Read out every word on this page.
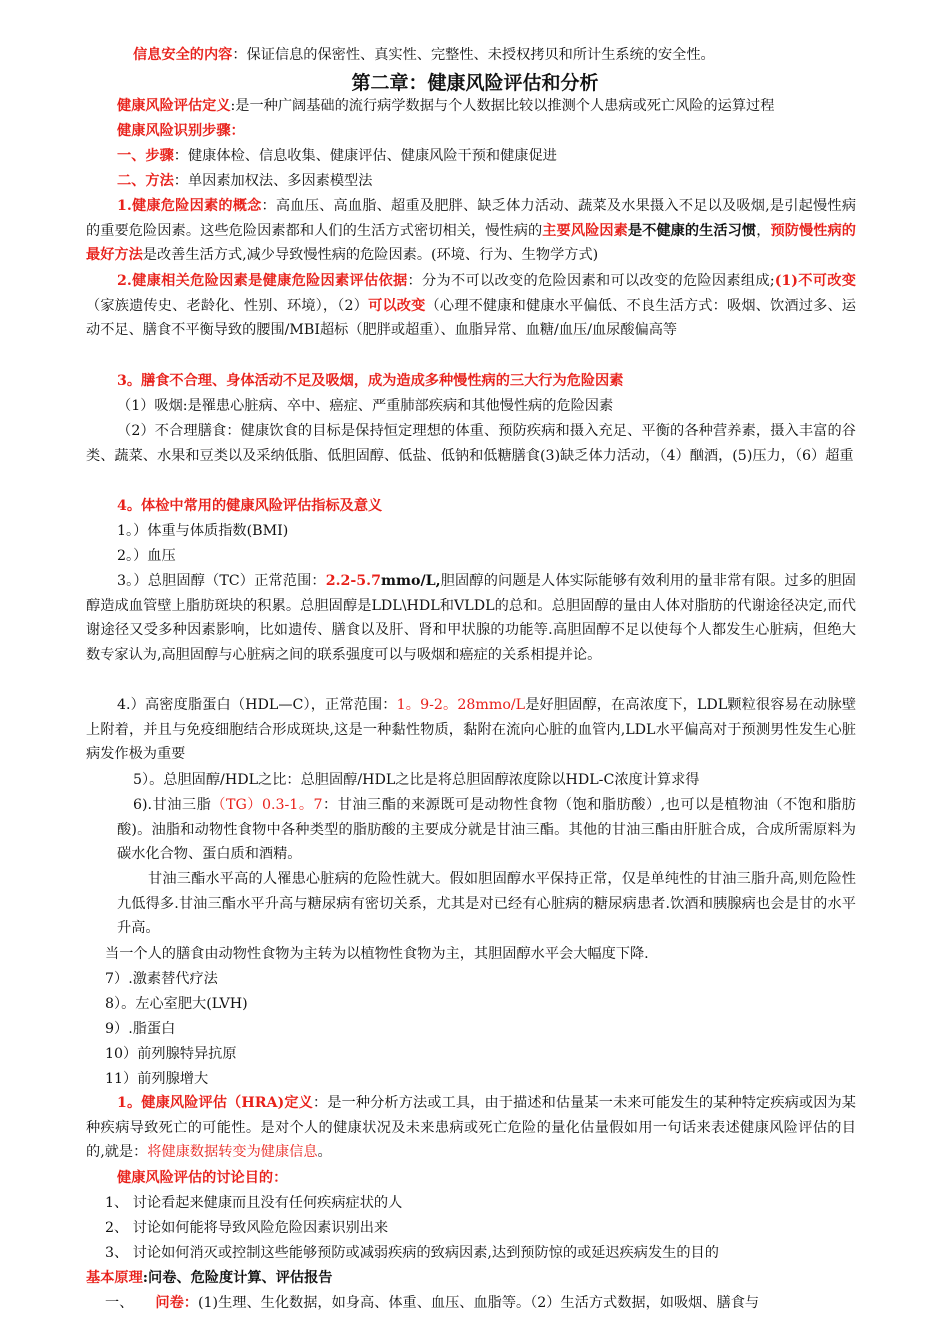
信息安全的内容：保证信息的保密性、真实性、完整性、未授权拷贝和所计生系统的安全性。
第二章：健康风险评估和分析
健康风险评估定义:是一种广阔基础的流行病学数据与个人数据比较以推测个人患病或死亡风险的运算过程
健康风险识别步骤：
一、步骤：健康体检、信息收集、健康评估、健康风险干预和健康促进
二、方法：单因素加权法、多因素模型法
1.健康危险因素的概念：高血压、高血脂、超重及肥胖、缺乏体力活动、蔬菜及水果摄入不足以及吸烟,是引起慢性病的重要危险因素。这些危险因素都和人们的生活方式密切相关，慢性病的主要风险因素是不健康的生活习惯，预防慢性病的最好方法是改善生活方式,减少导致慢性病的危险因素。(环境、行为、生物学方式)
2.健康相关危险因素是健康危险因素评估依据：分为不可以改变的危险因素和可以改变的危险因素组成;(1)不可改变（家族遗传史、老龄化、性别、环境），（2）可以改变（心理不健康和健康水平偏低、不良生活方式：吸烟、饮酒过多、运动不足、膳食不平衡导致的腰围/MBI超标（肥胖或超重）、血脂异常、血糖/血压/血尿酸偏高等
3。膳食不合理、身体活动不足及吸烟，成为造成多种慢性病的三大行为危险因素
（1）吸烟:是罹患心脏病、卒中、癌症、严重肺部疾病和其他慢性病的危险因素
（2）不合理膳食：健康饮食的目标是保持恒定理想的体重、预防疾病和摄入充足、平衡的各种营养素，摄入丰富的谷类、蔬菜、水果和豆类以及采纳低脂、低胆固醇、低盐、低钠和低糖膳食(3)缺乏体力活动，（4）酗酒，(5)压力，（6）超重
4。体检中常用的健康风险评估指标及意义
1。）体重与体质指数(BMI)
2。）血压
3。）总胆固醇（TC）正常范围：2.2-5.7mmo/L,胆固醇的问题是人体实际能够有效利用的量非常有限。过多的胆固醇造成血管壁上脂肪斑块的积累。总胆固醇是LDL\HDL和VLDL的总和。总胆固醇的量由人体对脂肪的代谢途径决定,而代谢途径又受多种因素影响，比如遗传、膳食以及肝、肾和甲状腺的功能等.高胆固醇不足以使每个人都发生心脏病，但绝大数专家认为,高胆固醇与心脏病之间的联系强度可以与吸烟和癌症的关系相提并论。
4.）高密度脂蛋白（HDL—C），正常范围：1。9-2。28mmo/L是好胆固醇，在高浓度下，LDL颗粒很容易在动脉壁上附着，并且与免疫细胞结合形成斑块,这是一种黏性物质，黏附在流向心脏的血管内,LDL水平偏高对于预测男性发生心脏病发作极为重要
5）。总胆固醇/HDL之比：总胆固醇/HDL之比是将总胆固醇浓度除以HDL-C浓度计算求得
6).甘油三脂（TG）0.3-1。7：甘油三酯的来源既可是动物性食物（饱和脂肪酸）,也可以是植物油（不饱和脂肪酸)。油脂和动物性食物中各种类型的脂肪酸的主要成分就是甘油三酯。其他的甘油三酯由肝脏合成，合成所需原料为碳水化合物、蛋白质和酒精。
甘油三酯水平高的人罹患心脏病的危险性就大。假如胆固醇水平保持正常，仅是单纯性的甘油三脂升高,则危险性九低得多.甘油三酯水平升高与糖尿病有密切关系，尤其是对已经有心脏病的糖尿病患者.饮酒和胰腺病也会是甘的水平升高。
当一个人的膳食由动物性食物为主转为以植物性食物为主，其胆固醇水平会大幅度下降.
7）.激素替代疗法
8）。左心室肥大(LVH)
9）.脂蛋白
10）前列腺特异抗原
11）前列腺增大
1。健康风险评估（HRA)定义：是一种分析方法或工具，由于描述和估量某一未来可能发生的某种特定疾病或因为某种疾病导致死亡的可能性。是对个人的健康状况及未来患病或死亡危险的量化估量假如用一句话来表述健康风险评估的目的,就是：将健康数据转变为健康信息。
健康风险评估的讨论目的：
1、 讨论看起来健康而且没有任何疾病症状的人
2、 讨论如何能将导致风险危险因素识别出来
3、 讨论如何消灭或控制这些能够预防或减弱疾病的致病因素,达到预防惊的或延迟疾病发生的目的
基本原理:问卷、危险度计算、评估报告
一、 问卷：(1)生理、生化数据，如身高、体重、血压、血脂等。（2）生活方式数据，如吸烟、膳食与
